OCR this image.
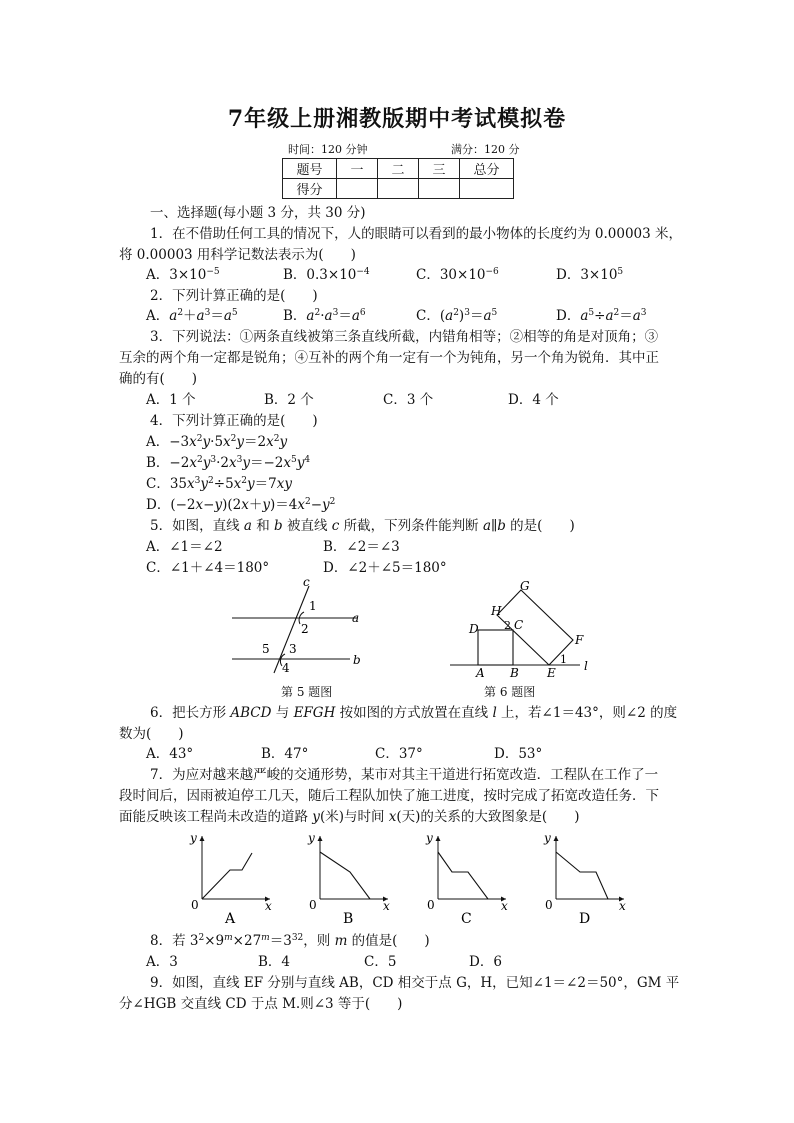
7年级上册湘教版期中考试模拟卷
时间：120 分钟	满分：120 分
题号	一	二	三	总分
得分				
一、选择题(每小题 3 分，共 30 分)
1．在不借助任何工具的情况下，人的眼睛可以看到的最小物体的长度约为 0.00003 米，
将 0.00003 用科学记数法表示为(　　)
A．$3\times 10^{-5}$	B．$0.3\times 10^{-4}$	C．$30\times 10^{-6}$	D．$3\times 10^5$
2．下列计算正确的是(　　)
A．$a^2+a^3=a^5$	B．$a^2\cdot a^3=a^6$	C．$(a^2)^3=a^5$	D．$a^5\div a^2=a^3$
3．下列说法：①两条直线被第三条直线所截，内错角相等；②相等的角是对顶角；③
互余的两个角一定都是锐角；④互补的两个角一定有一个为钝角，另一个角为锐角．其中正
确的有(　　)
A．1 个	B．2 个	C．3 个	D．4 个
4．下列计算正确的是(　　)
A．$-3x^2y\cdot 5x^2y=2x^2y$
B．$-2x^2y^3\cdot 2x^3y=-2x^5y^4$
C．$35x^3y^2\div 5x^2y=7xy$
D．$(-2x-y)(2x+y)=4x^2-y^2$
5．如图，直线 a 和 b 被直线 c 所截，下列条件能判断 a∥b 的是(　　)
A．∠1＝∠2	B．∠2＝∠3
C．∠1＋∠4＝180°	D．∠2＋∠5＝180°
c
a
b
1
2
3
4
5
第 5 题图
G
H
D	C
F
A B E l
1
2
第 6 题图
6．把长方形 ABCD 与 EFGH 按如图的方式放置在直线 l 上，若∠1＝43°，则∠2 的度
数为(　　)
A．43°	B．47°	C．37°	D．53°
7．为应对越来越严峻的交通形势，某市对其主干道进行拓宽改造．工程队在工作了一
段时间后，因雨被迫停工几天，随后工程队加快了施工进度，按时完成了拓宽改造任务．下
面能反映该工程尚未改造的道路 y(米)与时间 x(天)的关系的大致图象是(　　)
y
0	x
A
y
0	x
B
y
0	x
C
y
0	x
D
8．若 $3^2\times 9^m\times 27^m=3^{32}$，则 m 的值是(　　)
A．3	B．4	C．5	D．6
9．如图，直线 EF 分别与直线 AB，CD 相交于点 G，H，已知∠1＝∠2＝50°，GM 平
分∠HGB 交直线 CD 于点 M.则∠3 等于(　　)
